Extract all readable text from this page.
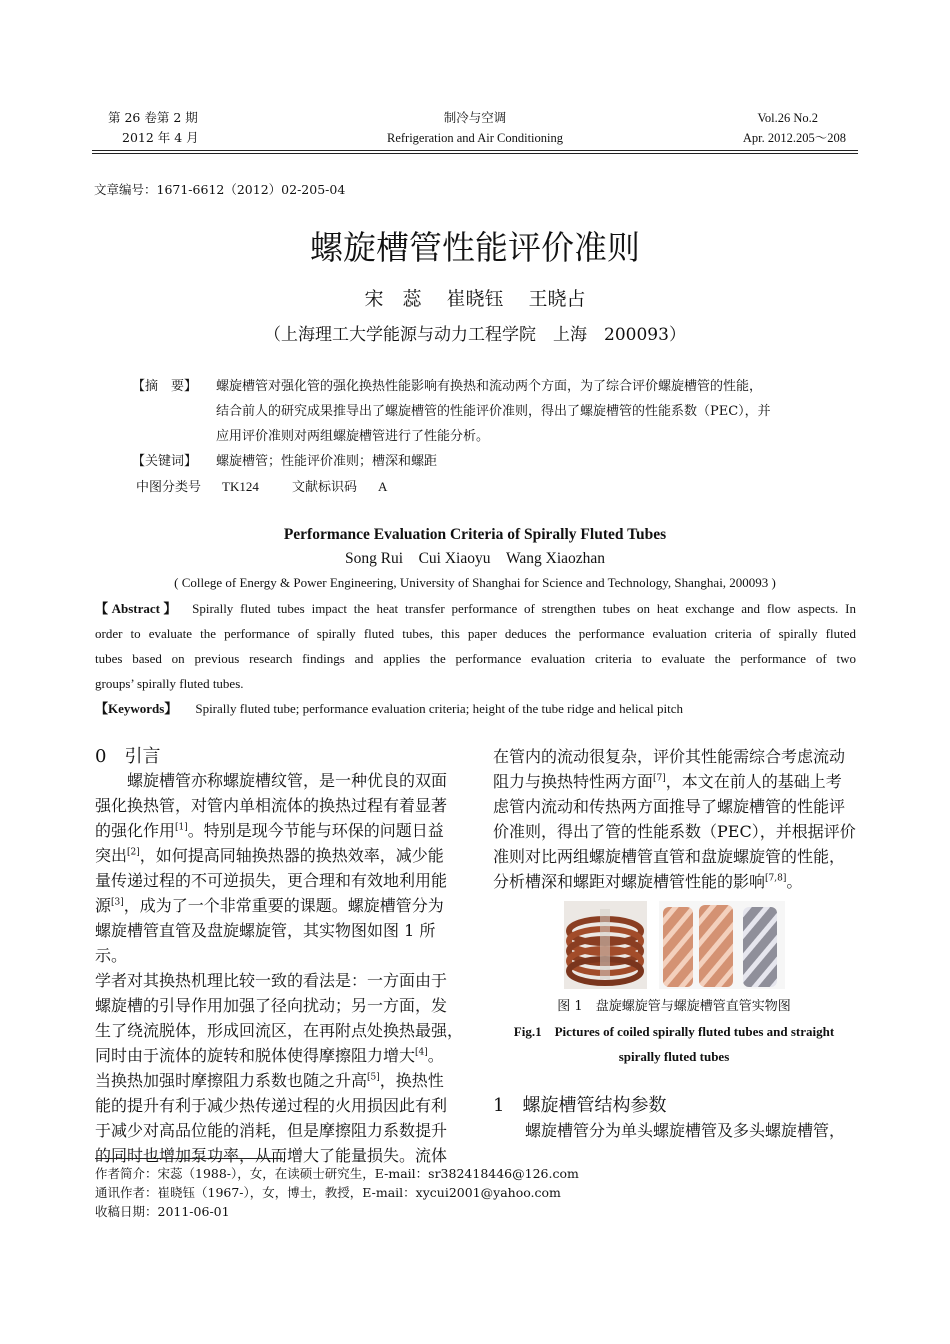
第 26 卷第 2 期
2012 年 4 月
制冷与空调
Refrigeration and Air Conditioning
Vol.26 No.2
Apr. 2012.205～208
文章编号：1671-6612（2012）02-205-04
螺旋槽管性能评价准则
宋　蕊　 崔晓钰　 王晓占
（上海理工大学能源与动力工程学院　上海　200093）
【摘　要】 螺旋槽管对强化管的强化换热性能影响有换热和流动两个方面，为了综合评价螺旋槽管的性能，
结合前人的研究成果推导出了螺旋槽管的性能评价准则，得出了螺旋槽管的性能系数（PEC），并
应用评价准则对两组螺旋槽管进行了性能分析。
【关键词】 螺旋槽管；性能评价准则；槽深和螺距
中图分类号 TK124	文献标识码 A
Performance Evaluation Criteria of Spirally Fluted Tubes
Song Rui　Cui Xiaoyu　Wang Xiaozhan
( College of Energy & Power Engineering, University of Shanghai for Science and Technology, Shanghai, 200093 )
【Abstract】 Spirally fluted tubes impact the heat transfer performance of strengthen tubes on heat exchange and flow aspects. In
order to evaluate the performance of spirally fluted tubes, this paper deduces the performance evaluation criteria of spirally fluted
tubes based on previous research findings and applies the performance evaluation criteria to evaluate the performance of two
groups’ spirally fluted tubes.
【Keywords】 Spirally fluted tube; performance evaluation criteria; height of the tube ridge and helical pitch
0　引言
螺旋槽管亦称螺旋槽纹管，是一种优良的双面
强化换热管，对管内单相流体的换热过程有着显著
的强化作用[1]。特别是现今节能与环保的问题日益
突出[2]，如何提高同轴换热器的换热效率，减少能
量传递过程的不可逆损失，更合理和有效地利用能
源[3]，成为了一个非常重要的课题。螺旋槽管分为
螺旋槽管直管及盘旋螺旋管，其实物图如图 1 所示。
学者对其换热机理比较一致的看法是：一方面由于
螺旋槽的引导作用加强了径向扰动；另一方面，发
生了绕流脱体，形成回流区，在再附点处换热最强，
同时由于流体的旋转和脱体使得摩擦阻力增大[4]。
当换热加强时摩擦阻力系数也随之升高[5]，换热性
能的提升有利于减少热传递过程的火用损因此有利
于减少对高品位能的消耗，但是摩擦阻力系数提升
的同时也增加泵功率，从而增大了能量损失。流体
在管内的流动很复杂，评价其性能需综合考虑流动
阻力与换热特性两方面[7]，本文在前人的基础上考
虑管内流动和传热两方面推导了螺旋槽管的性能评
价准则，得出了管的性能系数（PEC），并根据评价
准则对比两组螺旋槽管直管和盘旋螺旋管的性能，
分析槽深和螺距对螺旋槽管性能的影响[7,8]。
图 1　盘旋螺旋管与螺旋槽管直管实物图
Fig.1　Pictures of coiled spirally fluted tubes and straight
spirally fluted tubes
1　螺旋槽管结构参数
螺旋槽管分为单头螺旋槽管及多头螺旋槽管，
作者简介：宋蕊（1988-），女，在读硕士研究生，E-mail：sr382418446@126.com
通讯作者：崔晓钰（1967-），女，博士，教授，E-mail：xycui2001@yahoo.com
收稿日期：2011-06-01
